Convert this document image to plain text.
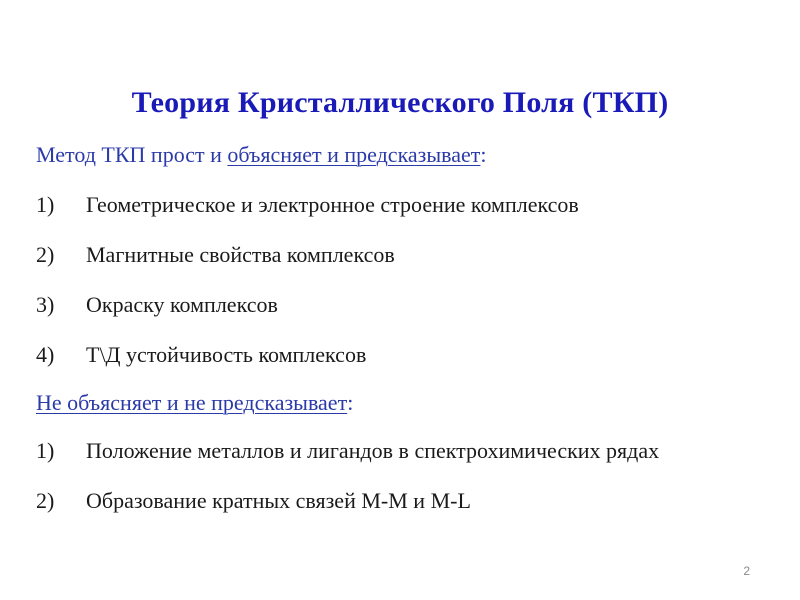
Теория Кристаллического Поля (ТКП)
Метод ТКП прост и объясняет и предсказывает:
1) Геометрическое и электронное строение комплексов
2) Магнитные свойства комплексов
3) Окраску комплексов
4) Т\Д устойчивость комплексов
Не объясняет и не предсказывает:
1) Положение металлов и лигандов в спектрохимических рядах
2) Образование кратных связей M-M и M-L
2
